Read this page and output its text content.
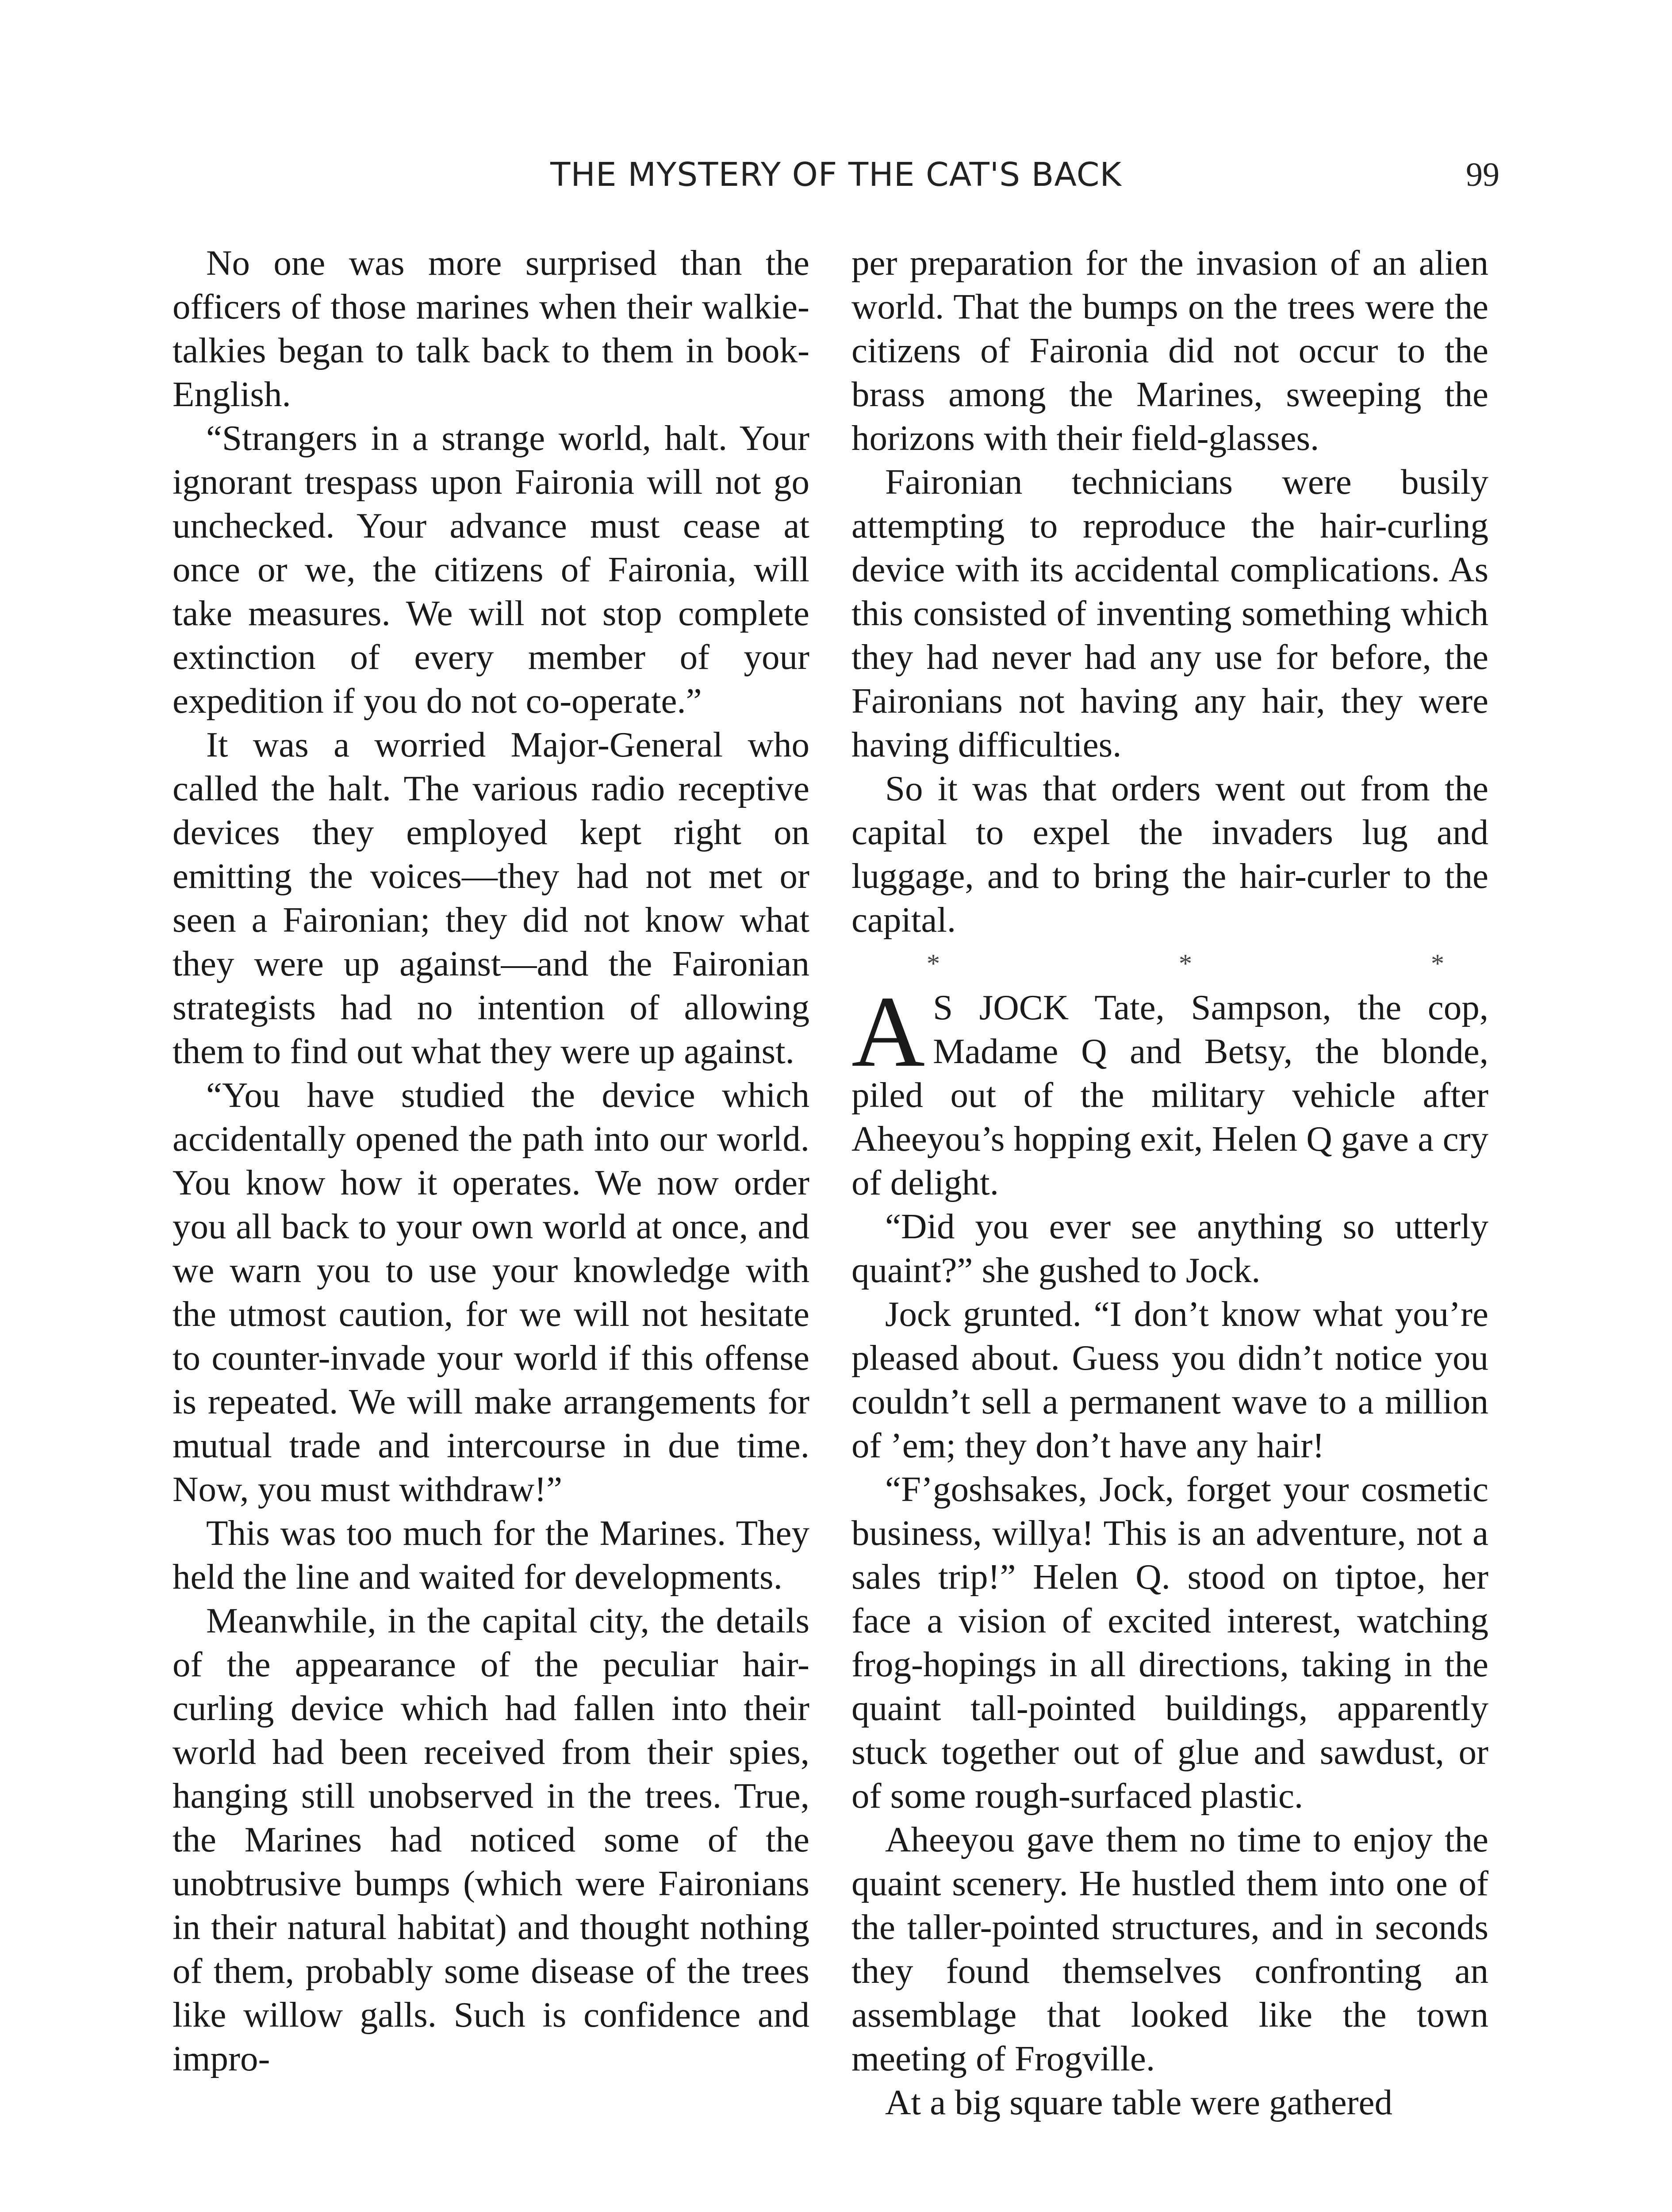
THE MYSTERY OF THE CAT'S BACK	99

No one was more surprised than the officers of those marines when their walkie-talkies began to talk back to them in book-English.

“Strangers in a strange world, halt. Your ignorant trespass upon Faironia will not go unchecked. Your advance must cease at once or we, the citizens of Faironia, will take measures. We will not stop complete extinction of every member of your expedition if you do not co-operate.”

It was a worried Major-General who called the halt. The various radio receptive devices they employed kept right on emitting the voices—they had not met or seen a Faironian; they did not know what they were up against—and the Faironian strategists had no intention of allowing them to find out what they were up against.

“You have studied the device which accidentally opened the path into our world. You know how it operates. We now order you all back to your own world at once, and we warn you to use your knowledge with the utmost caution, for we will not hesitate to counter-invade your world if this offense is repeated. We will make arrangements for mutual trade and intercourse in due time. Now, you must withdraw!”

This was too much for the Marines. They held the line and waited for developments.

Meanwhile, in the capital city, the details of the appearance of the peculiar hair-curling device which had fallen into their world had been received from their spies, hanging still unobserved in the trees. True, the Marines had noticed some of the unobtrusive bumps (which were Faironians in their natural habitat) and thought nothing of them, probably some disease of the trees like willow galls. Such is confidence and impro-

per preparation for the invasion of an alien world. That the bumps on the trees were the citizens of Faironia did not occur to the brass among the Marines, sweeping the horizons with their field-glasses.

Faironian technicians were busily attempting to reproduce the hair-curling device with its accidental complications. As this consisted of inventing something which they had never had any use for before, the Faironians not having any hair, they were having difficulties.

So it was that orders went out from the capital to expel the invaders lug and luggage, and to bring the hair-curler to the capital.

*	*	*

A S JOCK Tate, Sampson, the cop, Madame Q and Betsy, the blonde, piled out of the military vehicle after Aheeyou’s hopping exit, Helen Q gave a cry of delight.

“Did you ever see anything so utterly quaint?” she gushed to Jock.

Jock grunted. “I don’t know what you’re pleased about. Guess you didn’t notice you couldn’t sell a permanent wave to a million of ’em; they don’t have any hair!

“F’goshsakes, Jock, forget your cosmetic business, willya! This is an adventure, not a sales trip!” Helen Q. stood on tiptoe, her face a vision of excited interest, watching frog-hopings in all directions, taking in the quaint tall-pointed buildings, apparently stuck together out of glue and sawdust, or of some rough-surfaced plastic.

Aheeyou gave them no time to enjoy the quaint scenery. He hustled them into one of the taller-pointed structures, and in seconds they found themselves confronting an assemblage that looked like the town meeting of Frogville.

At a big square table were gathered
